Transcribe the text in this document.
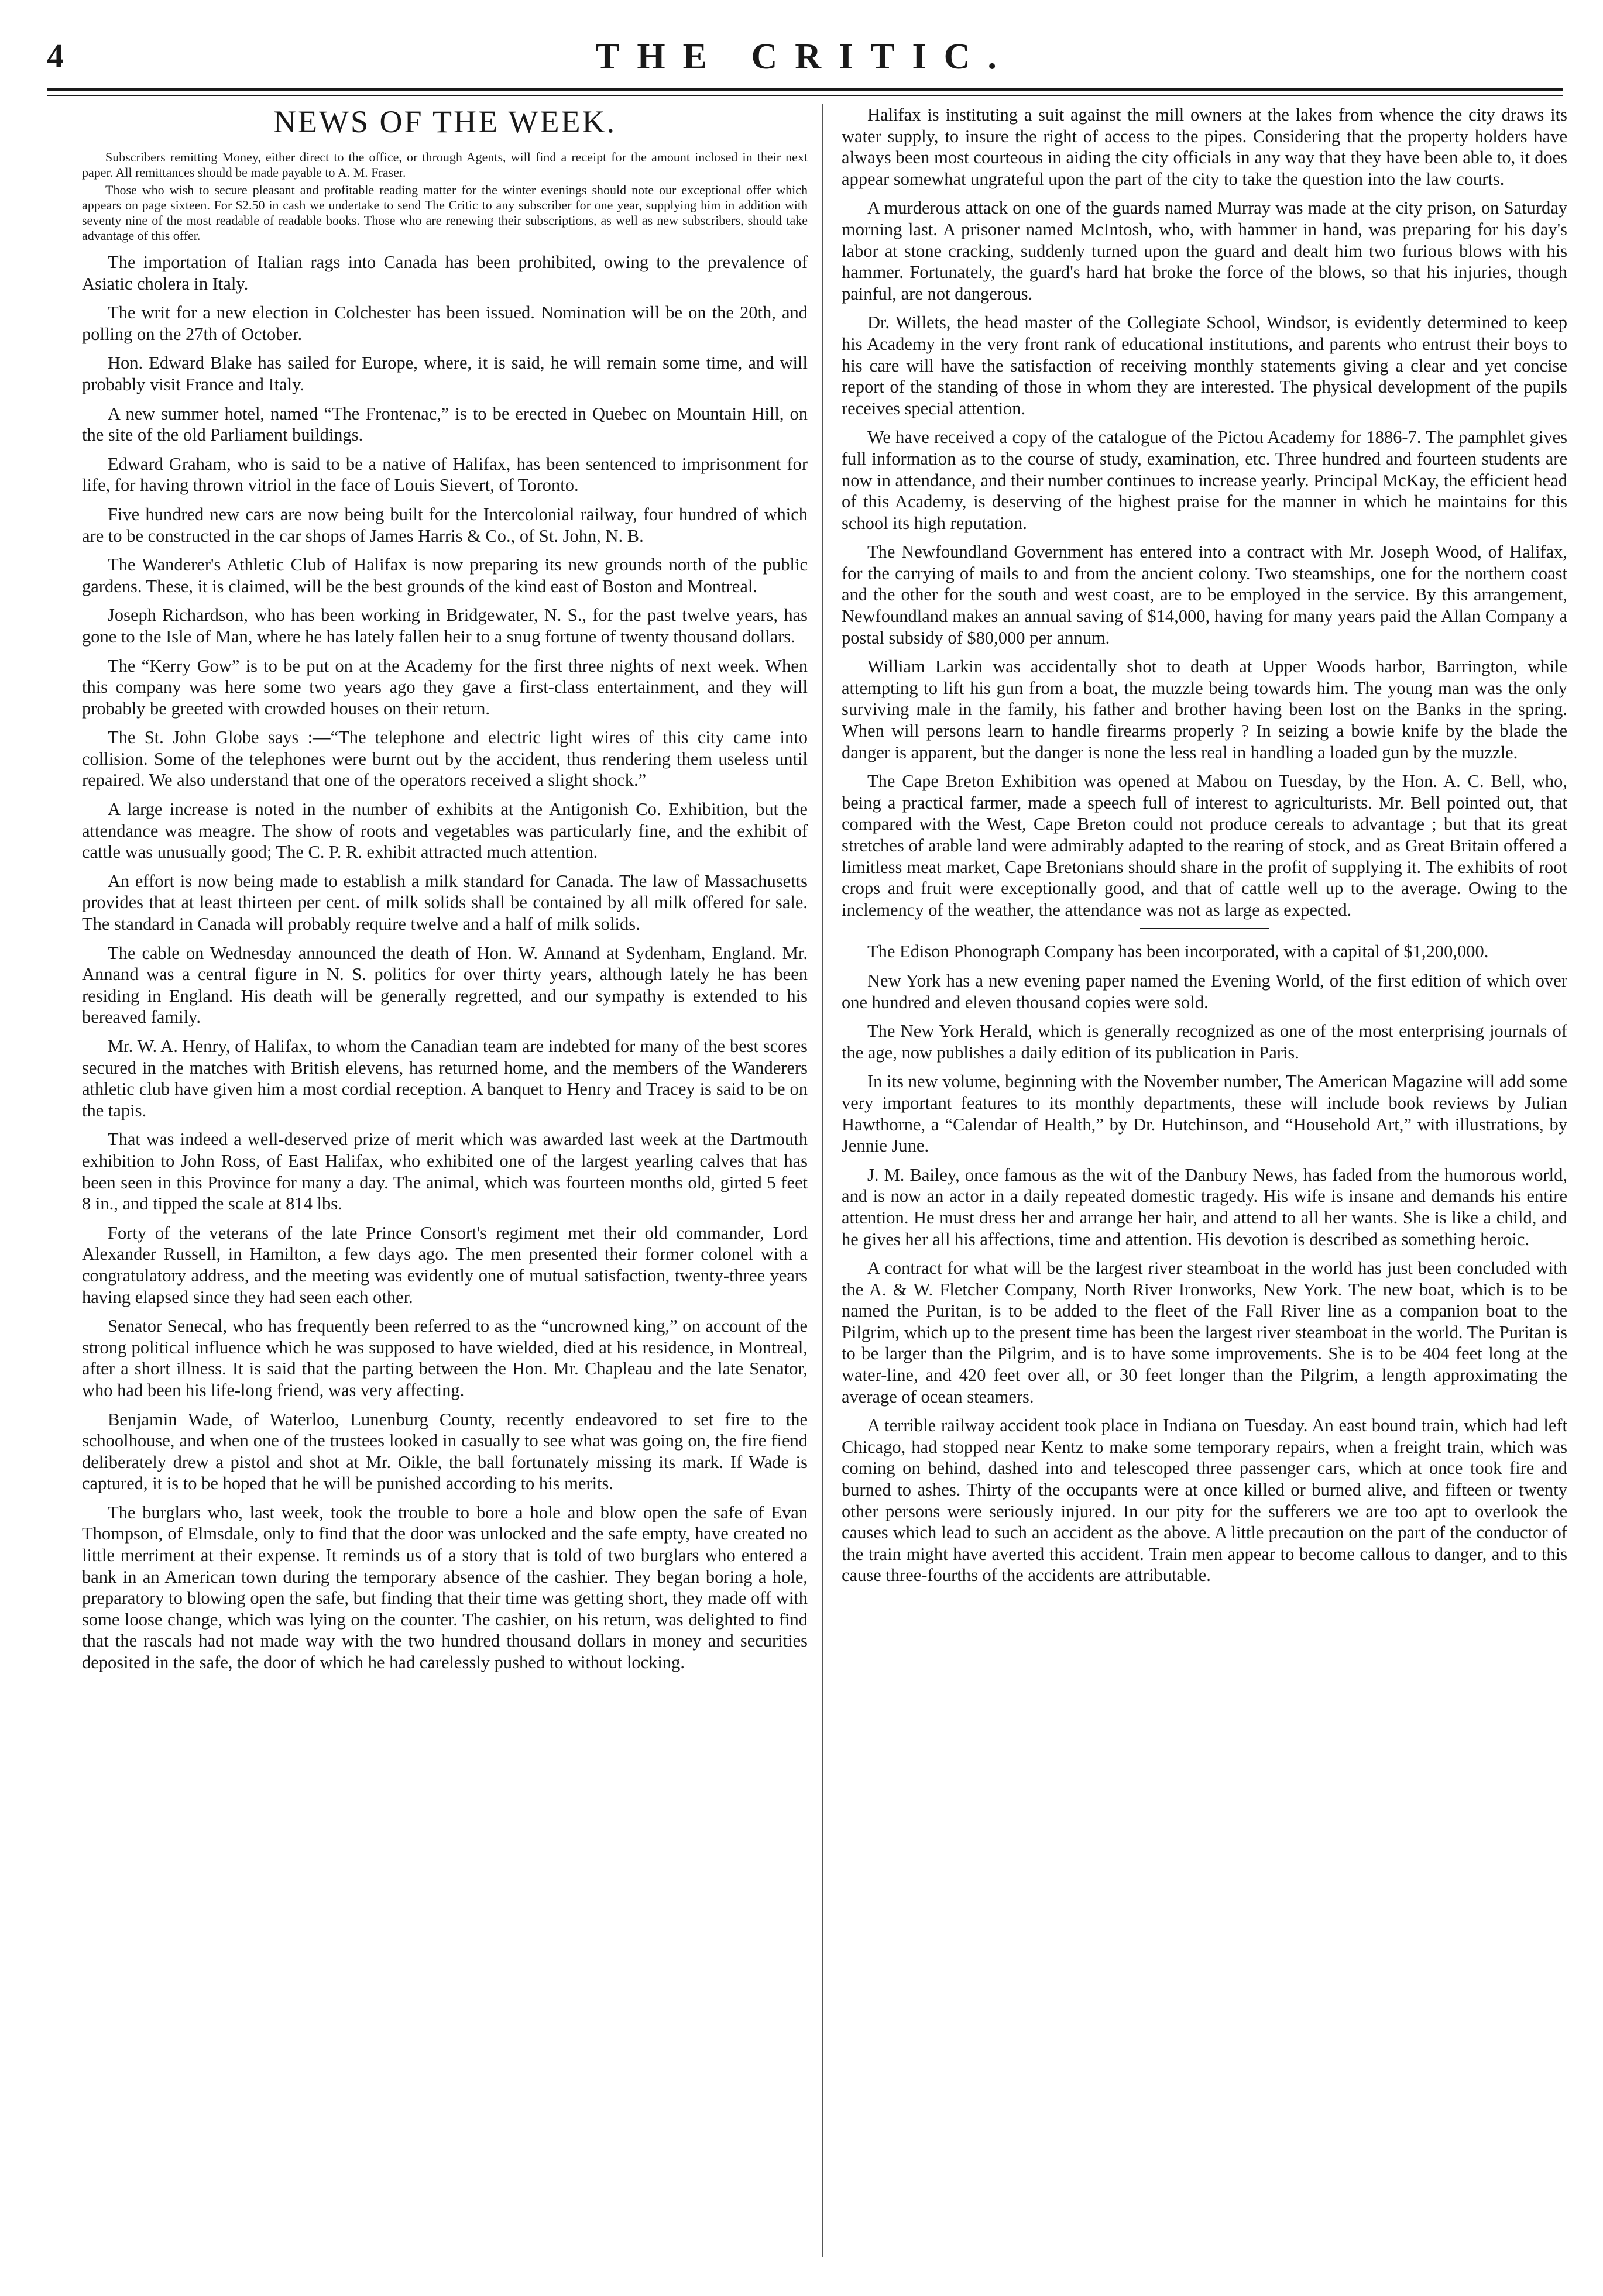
4	THE CRITIC.
NEWS OF THE WEEK.

Subscribers remitting Money, either direct to the office, or through Agents, will find a receipt for the amount inclosed in their next paper. All remittances should be made payable to A. M. Fraser.

Those who wish to secure pleasant and profitable reading matter for the winter evenings should note our exceptional offer which appears on page sixteen. For $2.50 in cash we undertake to send The Critic to any subscriber for one year, supplying him in addition with seventy nine of the most readable of readable books. Those who are renewing their subscriptions, as well as new subscribers, should take advantage of this offer.

The importation of Italian rags into Canada has been prohibited, owing to the prevalence of Asiatic cholera in Italy.

The writ for a new election in Colchester has been issued. Nomination will be on the 20th, and polling on the 27th of October.

Hon. Edward Blake has sailed for Europe, where, it is said, he will remain some time, and will probably visit France and Italy.

A new summer hotel, named “The Frontenac,” is to be erected in Quebec on Mountain Hill, on the site of the old Parliament buildings.

Edward Graham, who is said to be a native of Halifax, has been sentenced to imprisonment for life, for having thrown vitriol in the face of Louis Sievert, of Toronto.

Five hundred new cars are now being built for the Intercolonial railway, four hundred of which are to be constructed in the car shops of James Harris & Co., of St. John, N. B.

The Wanderer's Athletic Club of Halifax is now preparing its new grounds north of the public gardens. These, it is claimed, will be the best grounds of the kind east of Boston and Montreal.

Joseph Richardson, who has been working in Bridgewater, N. S., for the past twelve years, has gone to the Isle of Man, where he has lately fallen heir to a snug fortune of twenty thousand dollars.

The “Kerry Gow” is to be put on at the Academy for the first three nights of next week. When this company was here some two years ago they gave a first-class entertainment, and they will probably be greeted with crowded houses on their return.

The St. John Globe says :—“The telephone and electric light wires of this city came into collision. Some of the telephones were burnt out by the accident, thus rendering them useless until repaired. We also understand that one of the operators received a slight shock.”

A large increase is noted in the number of exhibits at the Antigonish Co. Exhibition, but the attendance was meagre. The show of roots and vegetables was particularly fine, and the exhibit of cattle was unusually good; The C. P. R. exhibit attracted much attention.

An effort is now being made to establish a milk standard for Canada. The law of Massachusetts provides that at least thirteen per cent. of milk solids shall be contained by all milk offered for sale. The standard in Canada will probably require twelve and a half of milk solids.

The cable on Wednesday announced the death of Hon. W. Annand at Sydenham, England. Mr. Annand was a central figure in N. S. politics for over thirty years, although lately he has been residing in England. His death will be generally regretted, and our sympathy is extended to his bereaved family.

Mr. W. A. Henry, of Halifax, to whom the Canadian team are indebted for many of the best scores secured in the matches with British elevens, has returned home, and the members of the Wanderers athletic club have given him a most cordial reception. A banquet to Henry and Tracey is said to be on the tapis.

That was indeed a well-deserved prize of merit which was awarded last week at the Dartmouth exhibition to John Ross, of East Halifax, who exhibited one of the largest yearling calves that has been seen in this Province for many a day. The animal, which was fourteen months old, girted 5 feet 8 in., and tipped the scale at 814 lbs.

Forty of the veterans of the late Prince Consort's regiment met their old commander, Lord Alexander Russell, in Hamilton, a few days ago. The men presented their former colonel with a congratulatory address, and the meeting was evidently one of mutual satisfaction, twenty-three years having elapsed since they had seen each other.

Senator Senecal, who has frequently been referred to as the “uncrowned king,” on account of the strong political influence which he was supposed to have wielded, died at his residence, in Montreal, after a short illness. It is said that the parting between the Hon. Mr. Chapleau and the late Senator, who had been his life-long friend, was very affecting.

Benjamin Wade, of Waterloo, Lunenburg County, recently endeavored to set fire to the schoolhouse, and when one of the trustees looked in casually to see what was going on, the fire fiend deliberately drew a pistol and shot at Mr. Oikle, the ball fortunately missing its mark. If Wade is captured, it is to be hoped that he will be punished according to his merits.

The burglars who, last week, took the trouble to bore a hole and blow open the safe of Evan Thompson, of Elmsdale, only to find that the door was unlocked and the safe empty, have created no little merriment at their expense. It reminds us of a story that is told of two burglars who entered a bank in an American town during the temporary absence of the cashier. They began boring a hole, preparatory to blowing open the safe, but finding that their time was getting short, they made off with some loose change, which was lying on the counter. The cashier, on his return, was delighted to find that the rascals had not made way with the two hundred thousand dollars in money and securities deposited in the safe, the door of which he had carelessly pushed to without locking.

Halifax is instituting a suit against the mill owners at the lakes from whence the city draws its water supply, to insure the right of access to the pipes. Considering that the property holders have always been most courteous in aiding the city officials in any way that they have been able to, it does appear somewhat ungrateful upon the part of the city to take the question into the law courts.

A murderous attack on one of the guards named Murray was made at the city prison, on Saturday morning last. A prisoner named McIntosh, who, with hammer in hand, was preparing for his day's labor at stone cracking, suddenly turned upon the guard and dealt him two furious blows with his hammer. Fortunately, the guard's hard hat broke the force of the blows, so that his injuries, though painful, are not dangerous.

Dr. Willets, the head master of the Collegiate School, Windsor, is evidently determined to keep his Academy in the very front rank of educational institutions, and parents who entrust their boys to his care will have the satisfaction of receiving monthly statements giving a clear and yet concise report of the standing of those in whom they are interested. The physical development of the pupils receives special attention.

We have received a copy of the catalogue of the Pictou Academy for 1886-7. The pamphlet gives full information as to the course of study, examination, etc. Three hundred and fourteen students are now in attendance, and their number continues to increase yearly. Principal McKay, the efficient head of this Academy, is deserving of the highest praise for the manner in which he maintains for this school its high reputation.

The Newfoundland Government has entered into a contract with Mr. Joseph Wood, of Halifax, for the carrying of mails to and from the ancient colony. Two steamships, one for the northern coast and the other for the south and west coast, are to be employed in the service. By this arrangement, Newfoundland makes an annual saving of $14,000, having for many years paid the Allan Company a postal subsidy of $80,000 per annum.

William Larkin was accidentally shot to death at Upper Woods harbor, Barrington, while attempting to lift his gun from a boat, the muzzle being towards him. The young man was the only surviving male in the family, his father and brother having been lost on the Banks in the spring. When will persons learn to handle firearms properly ? In seizing a bowie knife by the blade the danger is apparent, but the danger is none the less real in handling a loaded gun by the muzzle.

The Cape Breton Exhibition was opened at Mabou on Tuesday, by the Hon. A. C. Bell, who, being a practical farmer, made a speech full of interest to agriculturists. Mr. Bell pointed out, that compared with the West, Cape Breton could not produce cereals to advantage ; but that its great stretches of arable land were admirably adapted to the rearing of stock, and as Great Britain offered a limitless meat market, Cape Bretonians should share in the profit of supplying it. The exhibits of root crops and fruit were exceptionally good, and that of cattle well up to the average. Owing to the inclemency of the weather, the attendance was not as large as expected.

The Edison Phonograph Company has been incorporated, with a capital of $1,200,000.

New York has a new evening paper named the Evening World, of the first edition of which over one hundred and eleven thousand copies were sold.

The New York Herald, which is generally recognized as one of the most enterprising journals of the age, now publishes a daily edition of its publication in Paris.

In its new volume, beginning with the November number, The American Magazine will add some very important features to its monthly departments, these will include book reviews by Julian Hawthorne, a “Calendar of Health,” by Dr. Hutchinson, and “Household Art,” with illustrations, by Jennie June.

J. M. Bailey, once famous as the wit of the Danbury News, has faded from the humorous world, and is now an actor in a daily repeated domestic tragedy. His wife is insane and demands his entire attention. He must dress her and arrange her hair, and attend to all her wants. She is like a child, and he gives her all his affections, time and attention. His devotion is described as something heroic.

A contract for what will be the largest river steamboat in the world has just been concluded with the A. & W. Fletcher Company, North River Ironworks, New York. The new boat, which is to be named the Puritan, is to be added to the fleet of the Fall River line as a companion boat to the Pilgrim, which up to the present time has been the largest river steamboat in the world. The Puritan is to be larger than the Pilgrim, and is to have some improvements. She is to be 404 feet long at the water-line, and 420 feet over all, or 30 feet longer than the Pilgrim, a length approximating the average of ocean steamers.

A terrible railway accident took place in Indiana on Tuesday. An east bound train, which had left Chicago, had stopped near Kentz to make some temporary repairs, when a freight train, which was coming on behind, dashed into and telescoped three passenger cars, which at once took fire and burned to ashes. Thirty of the occupants were at once killed or burned alive, and fifteen or twenty other persons were seriously injured. In our pity for the sufferers we are too apt to overlook the causes which lead to such an accident as the above. A little precaution on the part of the conductor of the train might have averted this accident. Train men appear to become callous to danger, and to this cause three-fourths of the accidents are attributable.
